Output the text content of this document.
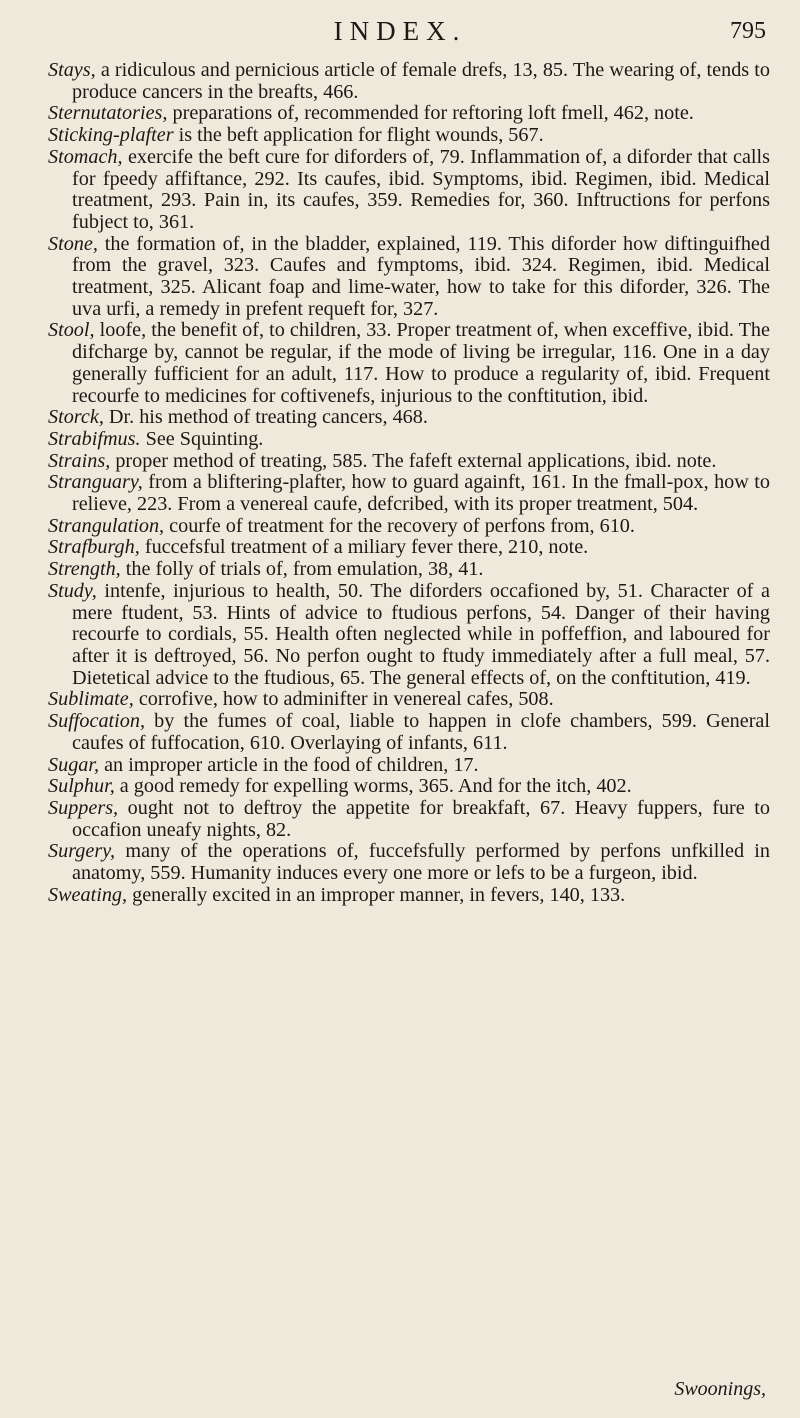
INDEX.	795

Stays, a ridiculous and pernicious article of female drefs, 13, 85. The wearing of, tends to produce cancers in the breafts, 466.

Sternutatories, preparations of, recommended for reftoring loft fmell, 462, note.

Sticking-plafter is the beft application for flight wounds, 567.

Stomach, exercife the beft cure for diforders of, 79. Inflammation of, a diforder that calls for fpeedy affiftance, 292. Its caufes, ibid. Symptoms, ibid. Regimen, ibid. Medical treatment, 293. Pain in, its caufes, 359. Remedies for, 360. Inftructions for perfons fubject to, 361.

Stone, the formation of, in the bladder, explained, 119. This diforder how diftinguifhed from the gravel, 323. Caufes and fymptoms, ibid. 324. Regimen, ibid. Medical treatment, 325. Alicant foap and lime-water, how to take for this diforder, 326. The uva urfi, a remedy in prefent requeft for, 327.

Stool, loofe, the benefit of, to children, 33. Proper treatment of, when exceffive, ibid. The difcharge by, cannot be regular, if the mode of living be irregular, 116. One in a day generally fufficient for an adult, 117. How to produce a regularity of, ibid. Frequent recourfe to medicines for coftivenefs, injurious to the conftitution, ibid.

Storck, Dr. his method of treating cancers, 468.

Strabifmus. See Squinting.

Strains, proper method of treating, 585. The fafeft external applications, ibid. note.

Stranguary, from a bliftering-plafter, how to guard againft, 161. In the fmall-pox, how to relieve, 223. From a venereal caufe, defcribed, with its proper treatment, 504.

Strangulation, courfe of treatment for the recovery of perfons from, 610.

Strafburgh, fuccefsful treatment of a miliary fever there, 210, note.

Strength, the folly of trials of, from emulation, 38, 41.

Study, intenfe, injurious to health, 50. The diforders occafioned by, 51. Character of a mere ftudent, 53. Hints of advice to ftudious perfons, 54. Danger of their having recourfe to cordials, 55. Health often neglected while in poffeffion, and laboured for after it is deftroyed, 56. No perfon ought to ftudy immediately after a full meal, 57. Dietetical advice to the ftudious, 65. The general effects of, on the conftitution, 419.

Sublimate, corrofive, how to adminifter in venereal cafes, 508.

Suffocation, by the fumes of coal, liable to happen in clofe chambers, 599. General caufes of fuffocation, 610. Overlaying of infants, 611.

Sugar, an improper article in the food of children, 17.

Sulphur, a good remedy for expelling worms, 365. And for the itch, 402.

Suppers, ought not to deftroy the appetite for breakfaft, 67. Heavy fuppers, fure to occafion uneafy nights, 82.

Surgery, many of the operations of, fuccefsfully performed by perfons unfkilled in anatomy, 559. Humanity induces every one more or lefs to be a furgeon, ibid.

Sweating, generally excited in an improper manner, in fevers, 140, 133.

Swoonings,
